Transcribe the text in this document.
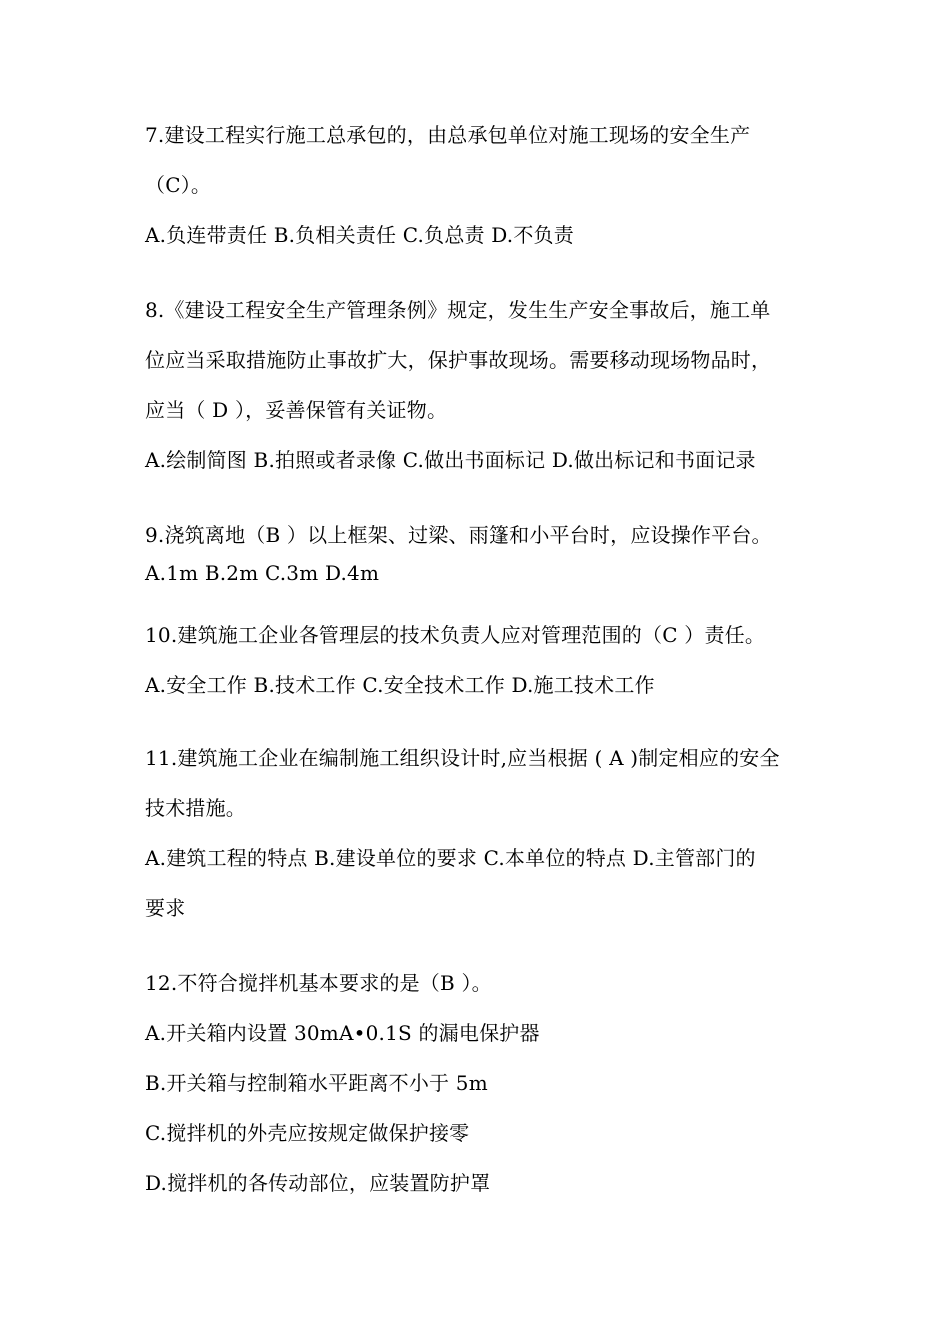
7.建设工程实行施工总承包的，由总承包单位对施工现场的安全生产
（C）。
A.负连带责任 B.负相关责任 C.负总责 D.不负责
8.《建设工程安全生产管理条例》规定，发生生产安全事故后，施工单
位应当采取措施防止事故扩大，保护事故现场。需要移动现场物品时，
应当（ D ），妥善保管有关证物。
A.绘制简图 B.拍照或者录像 C.做出书面标记 D.做出标记和书面记录
9.浇筑离地（B ）以上框架、过梁、雨篷和小平台时，应设操作平台。
A.1m B.2m C.3m D.4m
10.建筑施工企业各管理层的技术负责人应对管理范围的（C ）责任。
A.安全工作 B.技术工作 C.安全技术工作 D.施工技术工作
11.建筑施工企业在编制施工组织设计时,应当根据 ( A )制定相应的安全
技术措施。
A.建筑工程的特点 B.建设单位的要求 C.本单位的特点 D.主管部门的
要求
12.不符合搅拌机基本要求的是（B ）。
A.开关箱内设置 30mA•0.1S 的漏电保护器
B.开关箱与控制箱水平距离不小于 5m
C.搅拌机的外壳应按规定做保护接零
D.搅拌机的各传动部位，应装置防护罩
